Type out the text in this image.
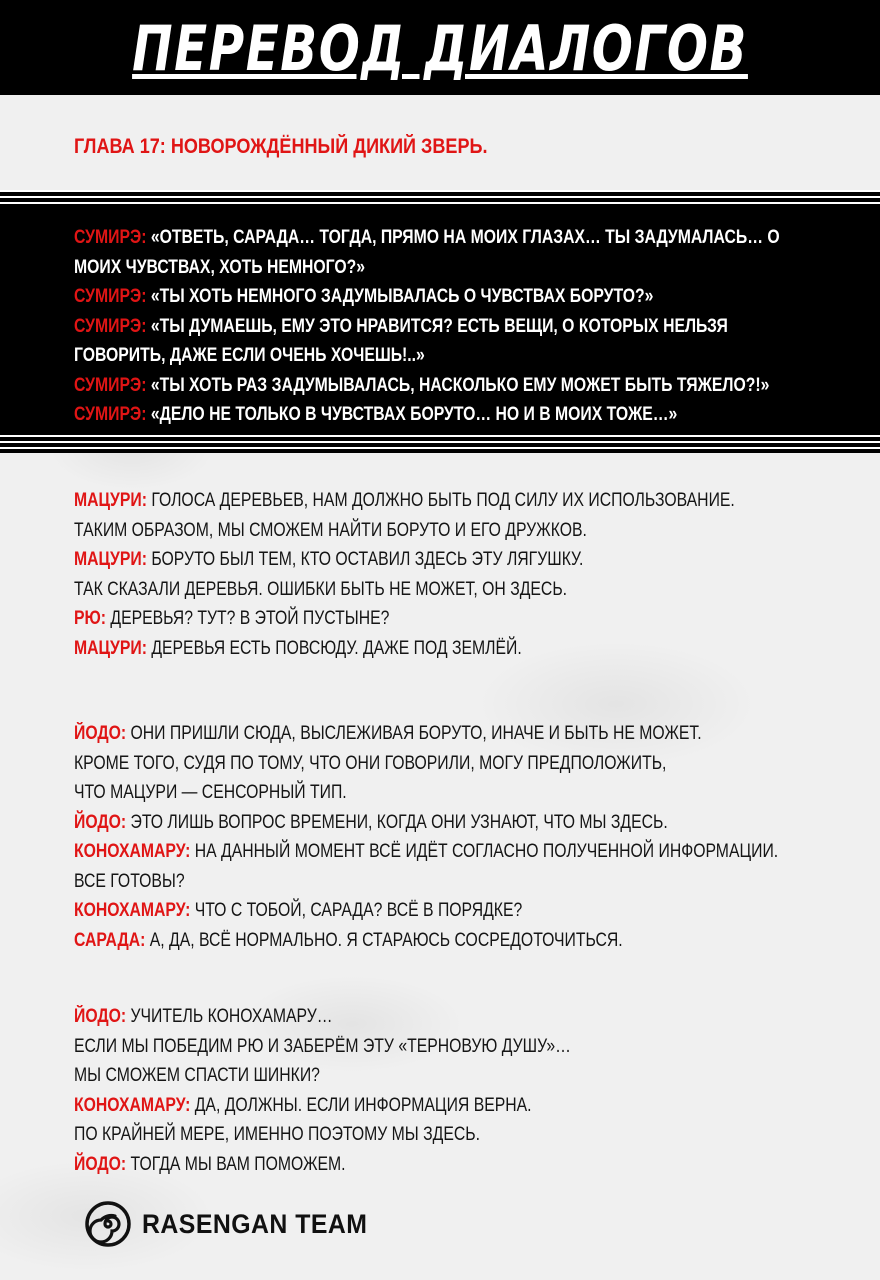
ПЕРЕВОД ДИАЛОГОВ
ГЛАВА 17: НОВОРОЖДЁННЫЙ ДИКИЙ ЗВЕРЬ.
СУМИРЭ: «ОТВЕТЬ, САРАДА… ТОГДА, ПРЯМО НА МОИХ ГЛАЗАХ… ТЫ ЗАДУМАЛАСЬ… О
МОИХ ЧУВСТВАХ, ХОТЬ НЕМНОГО?»
СУМИРЭ: «ТЫ ХОТЬ НЕМНОГО ЗАДУМЫВАЛАСЬ О ЧУВСТВАХ БОРУТО?»
СУМИРЭ: «ТЫ ДУМАЕШЬ, ЕМУ ЭТО НРАВИТСЯ? ЕСТЬ ВЕЩИ, О КОТОРЫХ НЕЛЬЗЯ
ГОВОРИТЬ, ДАЖЕ ЕСЛИ ОЧЕНЬ ХОЧЕШЬ!..»
СУМИРЭ: «ТЫ ХОТЬ РАЗ ЗАДУМЫВАЛАСЬ, НАСКОЛЬКО ЕМУ МОЖЕТ БЫТЬ ТЯЖЕЛО?!»
СУМИРЭ: «ДЕЛО НЕ ТОЛЬКО В ЧУВСТВАХ БОРУТО… НО И В МОИХ ТОЖЕ…»
МАЦУРИ: ГОЛОСА ДЕРЕВЬЕВ, НАМ ДОЛЖНО БЫТЬ ПОД СИЛУ ИХ ИСПОЛЬЗОВАНИЕ.
ТАКИМ ОБРАЗОМ, МЫ СМОЖЕМ НАЙТИ БОРУТО И ЕГО ДРУЖКОВ.
МАЦУРИ: БОРУТО БЫЛ ТЕМ, КТО ОСТАВИЛ ЗДЕСЬ ЭТУ ЛЯГУШКУ.
ТАК СКАЗАЛИ ДЕРЕВЬЯ. ОШИБКИ БЫТЬ НЕ МОЖЕТ, ОН ЗДЕСЬ.
РЮ: ДЕРЕВЬЯ? ТУТ? В ЭТОЙ ПУСТЫНЕ?
МАЦУРИ: ДЕРЕВЬЯ ЕСТЬ ПОВСЮДУ. ДАЖЕ ПОД ЗЕМЛЁЙ.
ЙОДО: ОНИ ПРИШЛИ СЮДА, ВЫСЛЕЖИВАЯ БОРУТО, ИНАЧЕ И БЫТЬ НЕ МОЖЕТ.
КРОМЕ ТОГО, СУДЯ ПО ТОМУ, ЧТО ОНИ ГОВОРИЛИ, МОГУ ПРЕДПОЛОЖИТЬ,
ЧТО МАЦУРИ — СЕНСОРНЫЙ ТИП.
ЙОДО: ЭТО ЛИШЬ ВОПРОС ВРЕМЕНИ, КОГДА ОНИ УЗНАЮТ, ЧТО МЫ ЗДЕСЬ.
КОНОХАМАРУ: НА ДАННЫЙ МОМЕНТ ВСЁ ИДЁТ СОГЛАСНО ПОЛУЧЕННОЙ ИНФОРМАЦИИ.
ВСЕ ГОТОВЫ?
КОНОХАМАРУ: ЧТО С ТОБОЙ, САРАДА? ВСЁ В ПОРЯДКЕ?
САРАДА: А, ДА, ВСЁ НОРМАЛЬНО. Я СТАРАЮСЬ СОСРЕДОТОЧИТЬСЯ.
ЙОДО: УЧИТЕЛЬ КОНОХАМАРУ…
ЕСЛИ МЫ ПОБЕДИМ РЮ И ЗАБЕРЁМ ЭТУ «ТЕРНОВУЮ ДУШУ»…
МЫ СМОЖЕМ СПАСТИ ШИНКИ?
КОНОХАМАРУ: ДА, ДОЛЖНЫ. ЕСЛИ ИНФОРМАЦИЯ ВЕРНА.
ПО КРАЙНЕЙ МЕРЕ, ИМЕННО ПОЭТОМУ МЫ ЗДЕСЬ.
ЙОДО: ТОГДА МЫ ВАМ ПОМОЖЕМ.
RASENGAN TEAM
